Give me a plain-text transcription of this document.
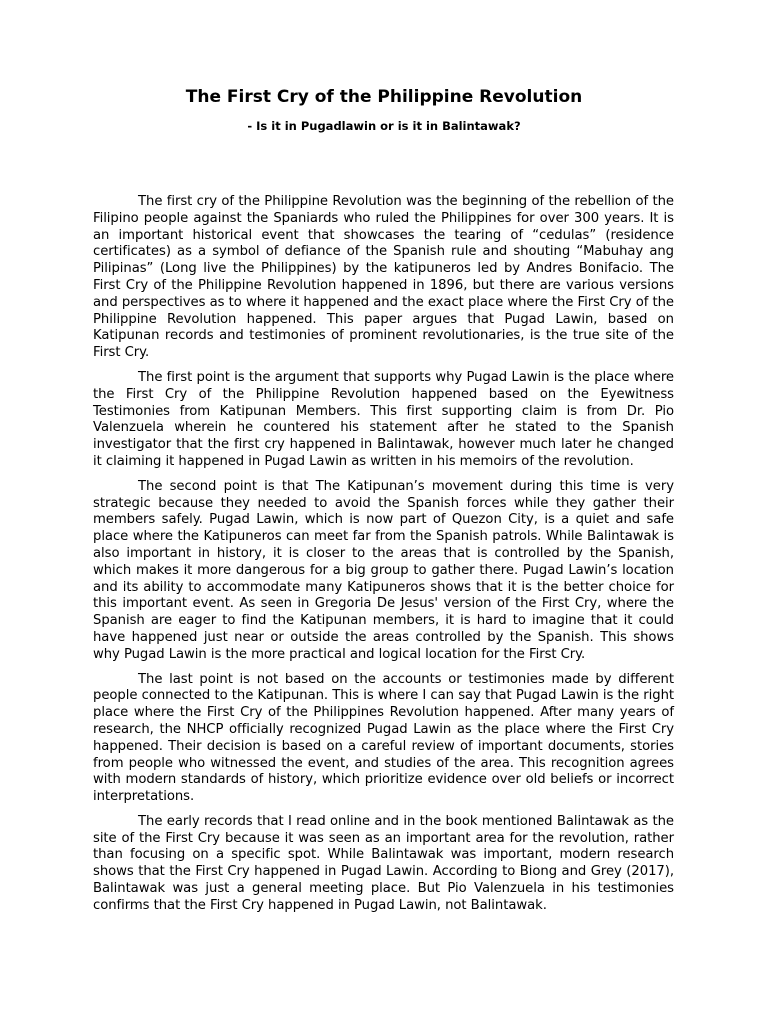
The First Cry of the Philippine Revolution
- Is it in Pugadlawin or is it in Balintawak?

The first cry of the Philippine Revolution was the beginning of the rebellion of the Filipino people against the Spaniards who ruled the Philippines for over 300 years. It is an important historical event that showcases the tearing of “cedulas” (residence certificates) as a symbol of defiance of the Spanish rule and shouting “Mabuhay ang Pilipinas” (Long live the Philippines) by the katipuneros led by Andres Bonifacio. The First Cry of the Philippine Revolution happened in 1896, but there are various versions and perspectives as to where it happened and the exact place where the First Cry of the Philippine Revolution happened. This paper argues that Pugad Lawin, based on Katipunan records and testimonies of prominent revolutionaries, is the true site of the First Cry.

The first point is the argument that supports why Pugad Lawin is the place where the First Cry of the Philippine Revolution happened based on the Eyewitness Testimonies from Katipunan Members. This first supporting claim is from Dr. Pio Valenzuela wherein he countered his statement after he stated to the Spanish investigator that the first cry happened in Balintawak, however much later he changed it claiming it happened in Pugad Lawin as written in his memoirs of the revolution.

The second point is that The Katipunan’s movement during this time is very strategic because they needed to avoid the Spanish forces while they gather their members safely. Pugad Lawin, which is now part of Quezon City, is a quiet and safe place where the Katipuneros can meet far from the Spanish patrols. While Balintawak is also important in history, it is closer to the areas that is controlled by the Spanish, which makes it more dangerous for a big group to gather there. Pugad Lawin’s location and its ability to accommodate many Katipuneros shows that it is the better choice for this important event. As seen in Gregoria De Jesus' version of the First Cry, where the Spanish are eager to find the Katipunan members, it is hard to imagine that it could have happened just near or outside the areas controlled by the Spanish. This shows why Pugad Lawin is the more practical and logical location for the First Cry.

The last point is not based on the accounts or testimonies made by different people connected to the Katipunan. This is where I can say that Pugad Lawin is the right place where the First Cry of the Philippines Revolution happened. After many years of research, the NHCP officially recognized Pugad Lawin as the place where the First Cry happened. Their decision is based on a careful review of important documents, stories from people who witnessed the event, and studies of the area. This recognition agrees with modern standards of history, which prioritize evidence over old beliefs or incorrect interpretations.

The early records that I read online and in the book mentioned Balintawak as the site of the First Cry because it was seen as an important area for the revolution, rather than focusing on a specific spot. While Balintawak was important, modern research shows that the First Cry happened in Pugad Lawin. According to Biong and Grey (2017), Balintawak was just a general meeting place. But Pio Valenzuela in his testimonies confirms that the First Cry happened in Pugad Lawin, not Balintawak.
